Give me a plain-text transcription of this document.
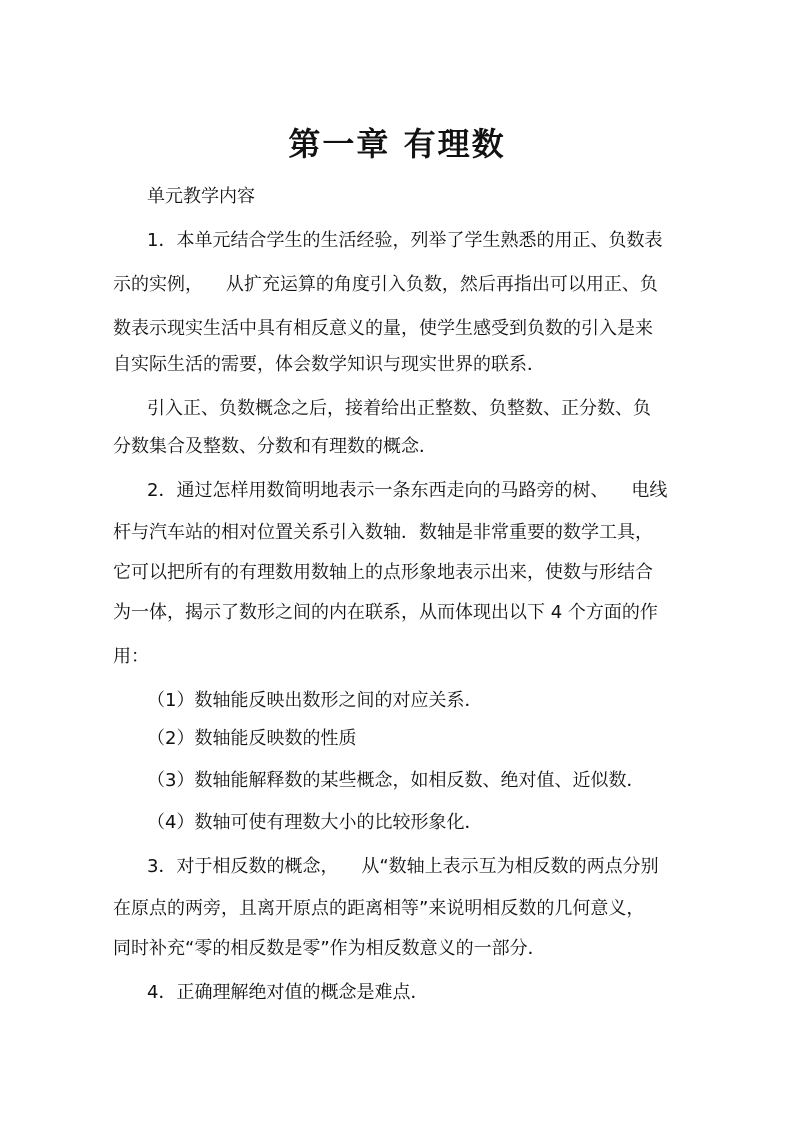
第一章 有理数

单元教学内容

1．本单元结合学生的生活经验，列举了学生熟悉的用正、负数表

示的实例，    从扩充运算的角度引入负数，然后再指出可以用正、负

数表示现实生活中具有相反意义的量，使学生感受到负数的引入是来

自实际生活的需要，体会数学知识与现实世界的联系．

引入正、负数概念之后，接着给出正整数、负整数、正分数、负

分数集合及整数、分数和有理数的概念．

2．通过怎样用数简明地表示一条东西走向的马路旁的树、    电线

杆与汽车站的相对位置关系引入数轴．数轴是非常重要的数学工具，

它可以把所有的有理数用数轴上的点形象地表示出来，使数与形结合

为一体，揭示了数形之间的内在联系，从而体现出以下 4 个方面的作

用：

（1）数轴能反映出数形之间的对应关系．

（2）数轴能反映数的性质

（3）数轴能解释数的某些概念，如相反数、绝对值、近似数．

（4）数轴可使有理数大小的比较形象化．

3．对于相反数的概念，    从“数轴上表示互为相反数的两点分别

在原点的两旁，且离开原点的距离相等”来说明相反数的几何意义，

同时补充“零的相反数是零”作为相反数意义的一部分．

4．正确理解绝对值的概念是难点．
